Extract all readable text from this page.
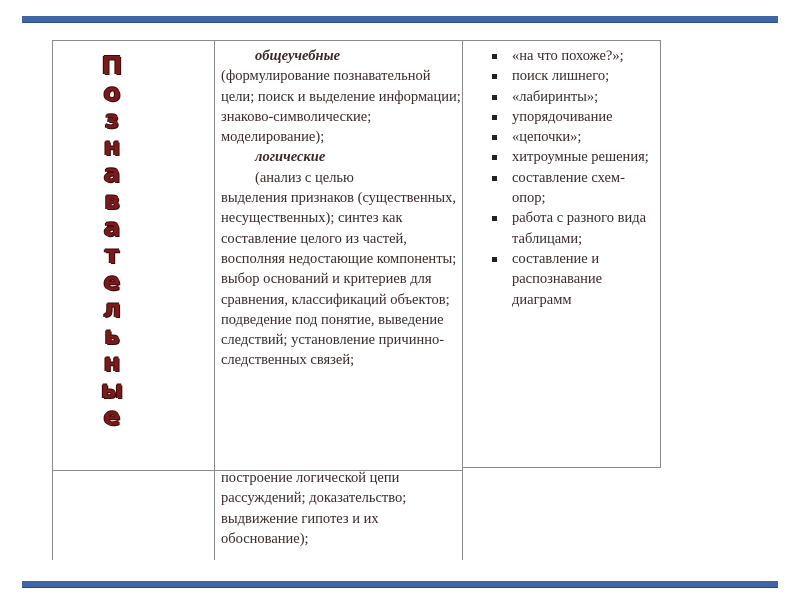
П
о
з
н
а
в
а
т
е
л
ь
н
ы
е
общеучебные
(формулирование познавательной цели; поиск и выделение информации; знаково-символические; моделирование);
логические
(анализ с целью
выделения признаков (существенных, несущественных); синтез как составление целого из частей, восполняя недостающие компоненты; выбор оснований и критериев для сравнения, классификаций объектов; подведение под понятие, выведение следствий; установление причинно-следственных связей;
построение логической цепи рассуждений; доказательство; выдвижение гипотез и их обоснование);
«на что похоже?»;
поиск лишнего;
«лабиринты»;
упорядочивание
«цепочки»;
хитроумные решения;
составление схем-опор;
работа с разного вида таблицами;
составление и распознавание диаграмм
